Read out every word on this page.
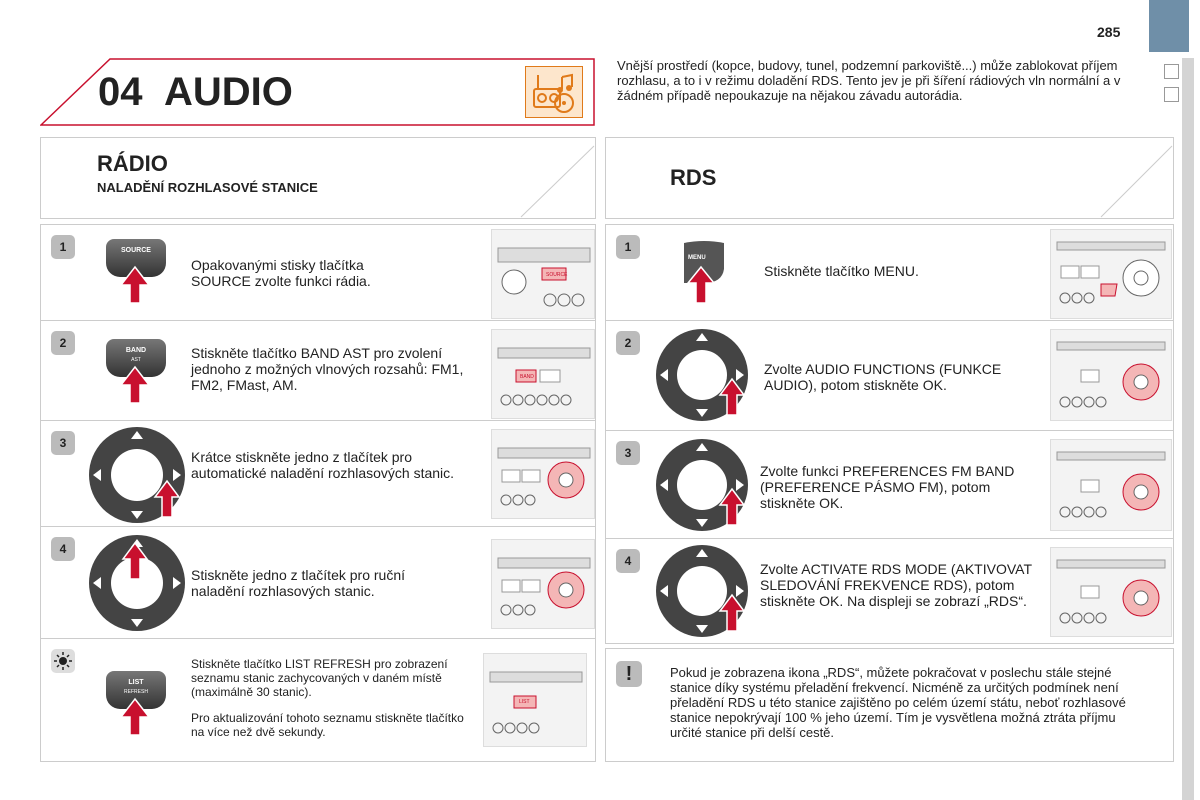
285
04 AUDIO
Vnější prostředí (kopce, budovy, tunel, podzemní parkoviště...) může zablokovat příjem rozhlasu, a to i v režimu doladění RDS. Tento jev je při šíření rádiových vln normální a v žádném případě nepoukazuje na nějakou závadu autorádia.
RÁDIO
NALADĚNÍ ROZHLASOVÉ STANICE	RDS
1	SOURCE
Opakovanými stisky tlačítka SOURCE zvolte funkci rádia.	SOURCE
2
BAND
AST	Stiskněte tlačítko BAND AST pro zvolení jednoho z možných vlnových rozsahů: FM1, FM2, FMast, AM.	BAND
3
Krátce stiskněte jedno z tlačítek pro automatické naladění rozhlasových stanic.
4
Stiskněte jedno z tlačítek pro ruční naladění rozhlasových stanic.
LIST
REFRESH
Stiskněte tlačítko LIST REFRESH pro zobrazení seznamu stanic zachycovaných v daném místě (maximálně 30 stanic).
Pro aktualizování tohoto seznamu stiskněte tlačítko na více než dvě sekundy.
LIST
1
MENU
Stiskněte tlačítko MENU.
2
Zvolte AUDIO FUNCTIONS (FUNKCE AUDIO), potom stiskněte OK.
3
Zvolte funkci PREFERENCES FM BAND (PREFERENCE PÁSMO FM), potom stiskněte OK.
4	Zvolte ACTIVATE RDS MODE (AKTIVOVAT SLEDOVÁNÍ FREKVENCE RDS), potom stiskněte OK. Na displeji se zobrazí „RDS“.
!	Pokud je zobrazena ikona „RDS“, můžete pokračovat v poslechu stále stejné stanice díky systému přeladění frekvencí. Nicméně za určitých podmínek není přeladění RDS u této stanice zajištěno po celém území státu, neboť rozhlasové stanice nepokrývají 100 % jeho území. Tím je vysvětlena možná ztráta příjmu určité stanice při delší cestě.
